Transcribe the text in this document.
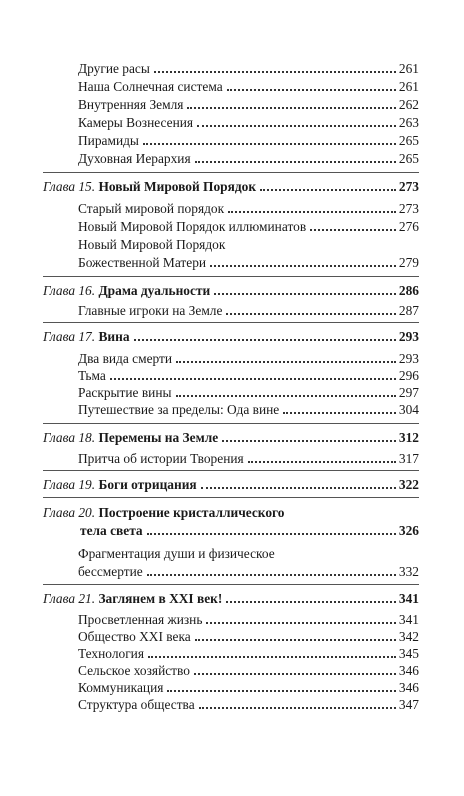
Другие расы	261
Наша Солнечная система	261
Внутренняя Земля	262
Камеры Вознесения	263
Пирамиды	265
Духовная Иерархия	265
Глава 15. Новый Мировой Порядок	273
Старый мировой порядок	273
Новый Мировой Порядок иллюминатов	276
Новый Мировой Порядок
Божественной Матери	279
Глава 16. Драма дуальности	286
Главные игроки на Земле	287
Глава 17. Вина	293
Два вида смерти	293
Тьма	296
Раскрытие вины	297
Путешествие за пределы: Ода вине	304
Глава 18. Перемены на Земле	312
Притча об истории Творения	317
Глава 19. Боги отрицания	322
Глава 20. Построение кристаллического
тела света	326
Фрагментация души и физическое
бессмертие	332
Глава 21. Заглянем в XXI век!	341
Просветленная жизнь	341
Общество XXI века	342
Технология	345
Сельское хозяйство	346
Коммуникация	346
Структура общества	347
